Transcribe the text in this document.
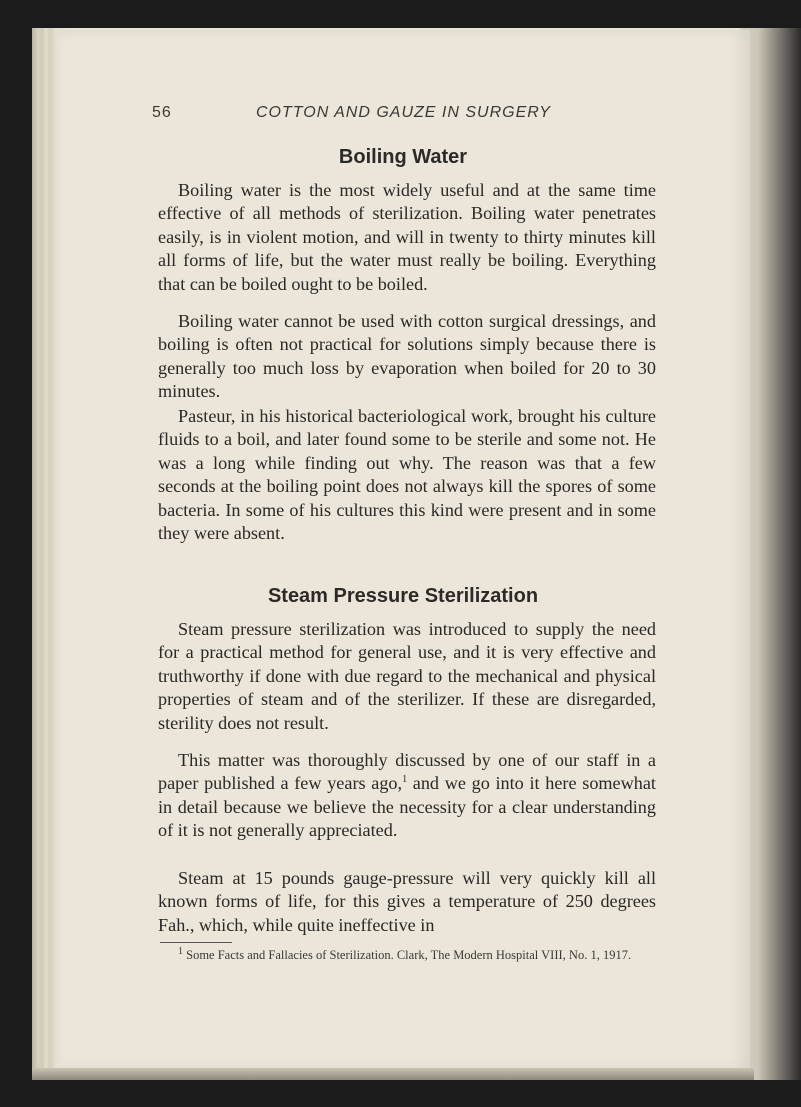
56	COTTON AND GAUZE IN SURGERY
Boiling Water

Boiling water is the most widely useful and at the same time effective of all methods of sterilization. Boiling water penetrates easily, is in violent motion, and will in twenty to thirty minutes kill all forms of life, but the water must really be boiling. Everything that can be boiled ought to be boiled.

Boiling water cannot be used with cotton surgical dressings, and boiling is often not practical for solutions simply because there is generally too much loss by evaporation when boiled for 20 to 30 minutes.

Pasteur, in his historical bacteriological work, brought his culture fluids to a boil, and later found some to be sterile and some not. He was a long while finding out why. The reason was that a few seconds at the boiling point does not always kill the spores of some bacteria. In some of his cultures this kind were present and in some they were absent.

Steam Pressure Sterilization

Steam pressure sterilization was introduced to supply the need for a practical method for general use, and it is very effective and truthworthy if done with due regard to the mechanical and physical properties of steam and of the sterilizer. If these are disregarded, sterility does not result.

This matter was thoroughly discussed by one of our staff in a paper published a few years ago,$^1$ and we go into it here somewhat in detail because we believe the necessity for a clear understanding of it is not generally appreciated.

Steam at 15 pounds gauge-pressure will very quickly kill all known forms of life, for this gives a temperature of 250 degrees Fah., which, while quite ineffective in

$^1$ Some Facts and Fallacies of Sterilization. Clark, The Modern Hospital VIII, No. 1, 1917.
